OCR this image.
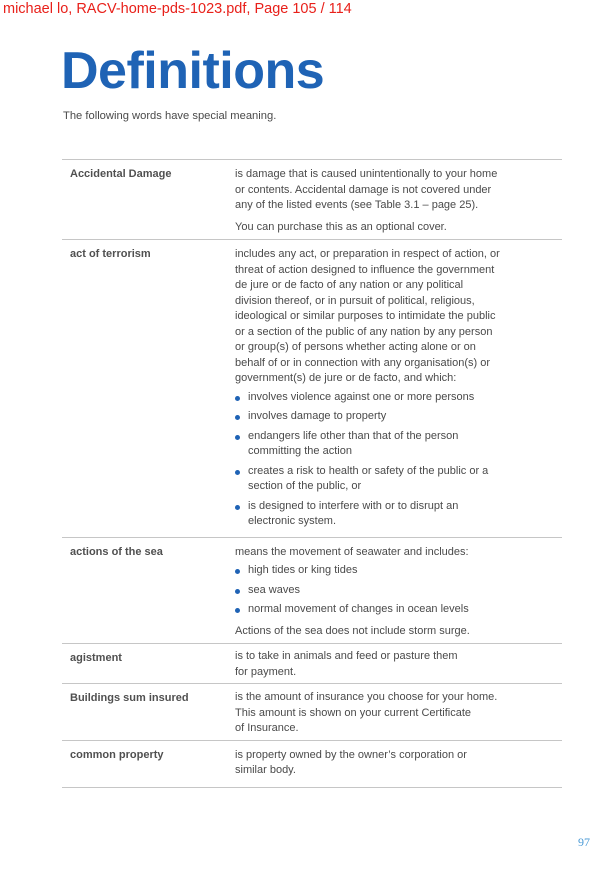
michael lo, RACV-home-pds-1023.pdf, Page 105 / 114
Definitions
The following words have special meaning.
Accidental Damage	is damage that is caused unintentionally to your home
or contents. Accidental damage is not covered under
any of the listed events (see Table 3.1 – page 25).

You can purchase this as an optional cover.

act of terrorism	includes any act, or preparation in respect of action, or
threat of action designed to influence the government
de jure or de facto of any nation or any political
division thereof, or in pursuit of political, religious,
ideological or similar purposes to intimidate the public
or a section of the public of any nation by any person
or group(s) of persons whether acting alone or on
behalf of or in connection with any organisation(s) or
government(s) de jure or de facto, and which:

involves violence against one or more persons
involves damage to property
endangers life other than that of the person
committing the action
creates a risk to health or safety of the public or a
section of the public, or
is designed to interfere with or to disrupt an
electronic system.
actions of the sea	means the movement of seawater and includes:

high tides or king tides
sea waves
normal movement of changes in ocean levels

Actions of the sea does not include storm surge.

agistment	is to take in animals and feed or pasture them
for payment.

Buildings sum insured	is the amount of insurance you choose for your home.
This amount is shown on your current Certificate
of Insurance.

common property	is property owned by the owner’s corporation or
similar body.

97
